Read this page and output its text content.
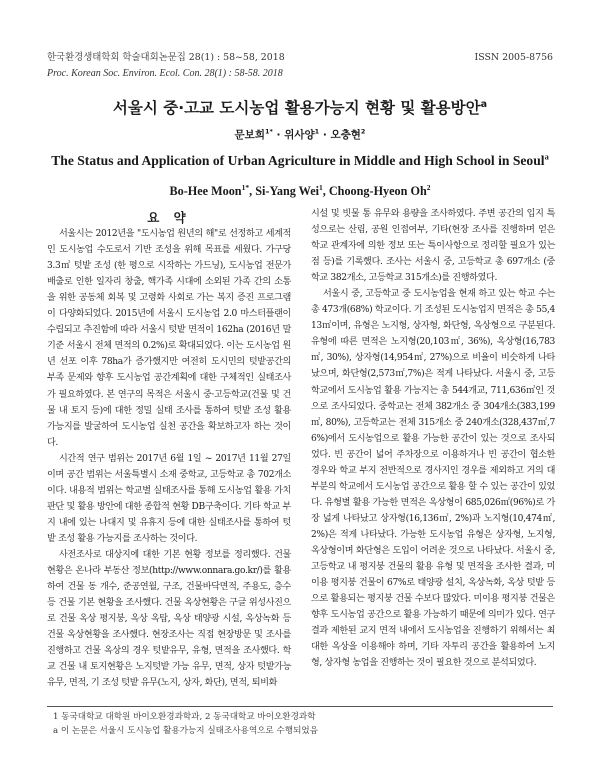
한국환경생태학회 학술대회논문집 28(1) : 58~58, 2018	ISSN 2005-8756
Proc. Korean Soc. Environ. Ecol. Con. 28(1) : 58-58. 2018
서울시 중·고교 도시농업 활용가능지 현황 및 활용방안$^a$
문보희$^{1*}$ · 위사양$^1$ · 오충현$^2$
The Status and Application of Urban Agriculture in Middle and High School in Seoul$^a$
Bo-Hee Moon$^{1*}$, Si-Yang Wei$^1$, Choong-Hyeon Oh$^2$

요 약

서울시는 2012년을 "도시농업 원년의 해"로 선정하고 세계적인 도시농업 수도로서 기반 조성을 위해 목표를 세웠다. 가구당 3.3㎡ 텃밭 조성 (한 평으로 시작하는 가드닝), 도시농업 전문가 배출로 인한 일자리 창출, 핵가족 시대에 소외된 가족 간의 소통을 위한 공동체 회복 및 고령화 사회로 가는 복지 증진 프로그램이 다양화되었다. 2015년에 서울시 도시농업 2.0 마스터플랜이 수립되고 추진함에 따라 서울시 텃밭 면적이 162ha (2016년 말 기준 서울시 전체 면적의 0.2%)로 확대되었다. 이는 도시농업 원년 선포 이후 78ha가 증가했지만 여전히 도시민의 텃밭공간의 부족 문제와 향후 도시농업 공간계획에 대한 구체적인 실태조사가 필요하였다. 본 연구의 목적은 서울시 중·고등학교(건물 및 건물 내 토지 등)에 대한 정밀 실태 조사를 통하여 텃밭 조성 활용 가능지를 발굴하여 도시농업 실천 공간을 확보하고자 하는 것이다.

시간적 연구 범위는 2017년 6월 1일 ~ 2017년 11월 27일이며 공간 범위는 서울특별시 소재 중학교, 고등학교 총 702개소이다. 내용적 범위는 학교별 실태조사를 통해 도시농업 활용 가치 판단 및 활용 방안에 대한 종합적 현황 DB구축이다. 기타 학교 부지 내에 있는 나대지 및 유휴지 등에 대한 실태조사를 통하여 텃밭 조성 활용 가능지를 조사하는 것이다.

사전조사로 대상지에 대한 기본 현황 정보를 정리했다. 건물 현황은 온나라 부동산 정보(http://www.onnara.go.kr/)를 활용하여 건물 동 개수, 준공연월, 구조, 건물바닥면적, 주용도, 층수 등 건물 기본 현황을 조사했다. 건물 옥상현황은 구글 위성사진으로 건물 옥상 평지붕, 옥상 옥탑, 옥상 태양광 시설, 옥상녹화 등 건물 옥상현황을 조사했다. 현장조사는 직접 현장방문 및 조사를 진행하고 건물 옥상의 경우 텃밭유무, 유형, 면적을 조사했다. 학교 건물 내 토지현황은 노지텃밭 가능 유무, 면적, 상자 텃밭가능 유무, 면적, 기 조성 텃밭 유무(노지, 상자, 화단), 면적, 퇴비화

시설 및 빗물 통 유무와 용량을 조사하였다. 주변 공간의 입지 특성으로는 산림, 공원 인접여부, 기타(현장 조사를 진행하며 얻은 학교 관계자에 의한 정보 또는 특이사항으로 정리할 필요가 있는 점 등)를 기록했다. 조사는 서울시 중, 고등학교 총 697개소 (중학교 382개소, 고등학교 315개소)를 진행하였다.

서울시 중, 고등학교 중 도시농업을 현재 하고 있는 학교 수는 총 473개(68%) 학교이다. 기 조성된 도시농업지 면적은 총 55,413㎡이며, 유형은 노지형, 상자형, 화단형, 옥상형으로 구분된다. 유형에 따른 면적은 노지형(20,103㎡, 36%), 옥상형(16,783㎡, 30%), 상자형(14,954㎡, 27%)으로 비율이 비슷하게 나타났으며, 화단형(2,573㎡,7%)은 적게 나타났다. 서울시 중, 고등학교에서 도시농업 활용 가능지는 총 544개교, 711,636㎡인 것으로 조사되었다. 중학교는 전체 382개소 중 304개소(383,199㎡, 80%), 고등학교는 전체 315개소 중 240개소(328,437㎡,76%)에서 도시농업으로 활용 가능한 공간이 있는 것으로 조사되었다. 빈 공간이 넓어 주차장으로 이용하거나 빈 공간이 협소한 경우와 학교 부지 전반적으로 경사지인 경우를 제외하고 거의 대부분의 학교에서 도시농업 공간으로 활용 할 수 있는 공간이 있었다. 유형별 활용 가능한 면적은 옥상형이 685,026㎡(96%)로 가장 넓게 나타났고 상자형(16,136㎡, 2%)과 노지형(10,474㎡, 2%)은 적게 나타났다. 가능한 도시농업 유형은 상자형, 노지형, 옥상형이며 화단형은 도입이 어려운 것으로 나타났다. 서울시 중, 고등학교 내 평지붕 건물의 활용 유형 및 면적을 조사한 결과, 미 이용 평지붕 건물이 67%로 태양광 설치, 옥상녹화, 옥상 텃밭 등으로 활용되는 평지붕 건물 수보다 많았다. 미이용 평지붕 건물은 향후 도시농업 공간으로 활용 가능하기 때문에 의미가 있다. 연구결과 제한된 교지 면적 내에서 도시농업을 진행하기 위해서는 최대한 옥상을 이용해야 하며, 기타 자투리 공간을 활용하여 노지형, 상자형 농업을 진행하는 것이 필요한 것으로 분석되었다.

1 동국대학교 대학원 바이오환경과학과, 2 동국대학교 바이오환경과학
a 이 논문은 서울시 도시농업 활용가능지 실태조사용역으로 수행되었음
